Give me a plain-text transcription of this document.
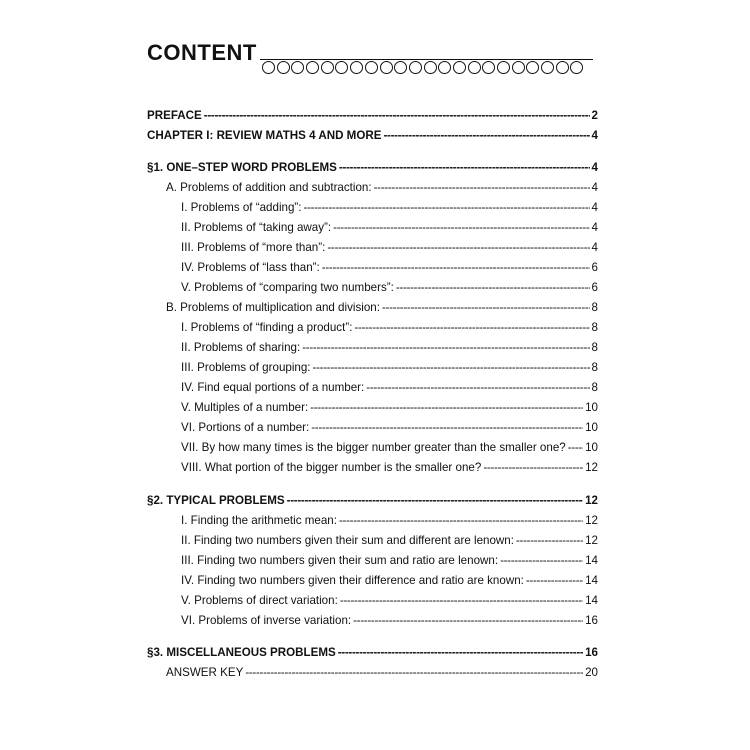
CONTENT
PREFACE -----	2
CHAPTER I: REVIEW MATHS 4 AND MORE -----	4
§1. ONE–STEP WORD PROBLEMS -----	4
A. Problems of addition and subtraction: -----	4
I. Problems of “adding”: -----	4
II. Problems of “taking away”: -----	4
III. Problems of “more than”: -----	4
IV. Problems of “lass than”: -----	6
V. Problems of “comparing two numbers”: -----	6
B. Problems of multiplication and division: -----	8
I. Problems of “finding a product”: -----	8
II. Problems of sharing: -----	8
III. Problems of grouping: -----	8
IV. Find equal portions of a number: -----	8
V. Multiples of a number: -----	10
VI. Portions of a number: -----	10
VII. By how many times is the bigger number greater than the smaller one? ----- 10
VIII. What portion of the bigger number is the smaller one? -----	12
§2. TYPICAL PROBLEMS -----	12
I. Finding the arithmetic mean: -----	12
II. Finding two numbers given their sum and different are lenown: -----	12
III. Finding two numbers given their sum and ratio are lenown: -----	14
IV. Finding two numbers given their difference and ratio are known: -----	14
V. Problems of direct variation: -----	14
VI. Problems of inverse variation: -----	16
§3. MISCELLANEOUS PROBLEMS -----	16
ANSWER KEY -----	20
